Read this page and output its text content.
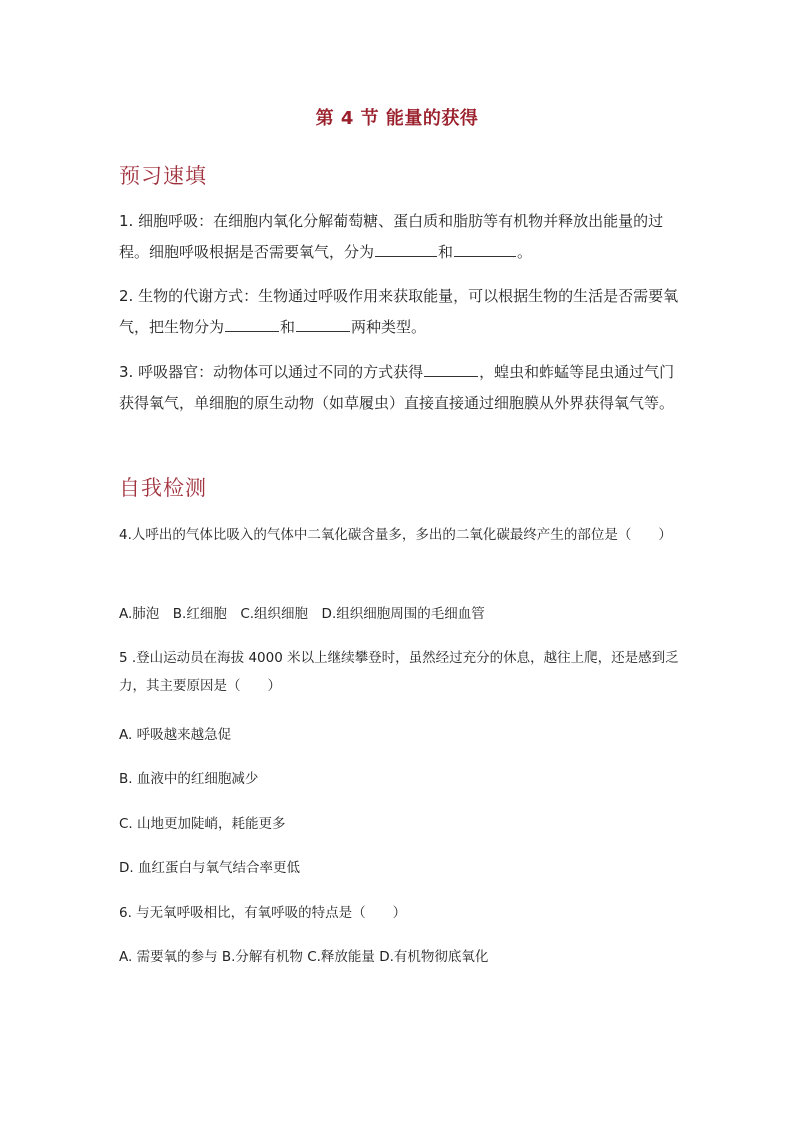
第 4 节 能量的获得
预习速填
1. 细胞呼吸：在细胞内氧化分解葡萄糖、蛋白质和脂肪等有机物并释放出能量的过程。细胞呼吸根据是否需要氧气，分为	和	。
2. 生物的代谢方式：生物通过呼吸作用来获取能量，可以根据生物的生活是否需要氧气，把生物分为	和	两种类型。
3. 呼吸器官：动物体可以通过不同的方式获得	，蝗虫和蚱蜢等昆虫通过气门获得氧气，单细胞的原生动物（如草履虫）直接直接通过细胞膜从外界获得氧气等。
自我检测
4.人呼出的气体比吸入的气体中二氧化碳含量多，多出的二氧化碳最终产生的部位是（　　）
A.肺泡　B.红细胞　C.组织细胞　D.组织细胞周围的毛细血管
5 .登山运动员在海拔 4000 米以上继续攀登时，虽然经过充分的休息，越往上爬，还是感到乏力，其主要原因是（　　）
A. 呼吸越来越急促
B. 血液中的红细胞减少
C. 山地更加陡峭，耗能更多
D. 血红蛋白与氧气结合率更低
6. 与无氧呼吸相比，有氧呼吸的特点是（　　）
A. 需要氧的参与 B.分解有机物 C.释放能量 D.有机物彻底氧化
